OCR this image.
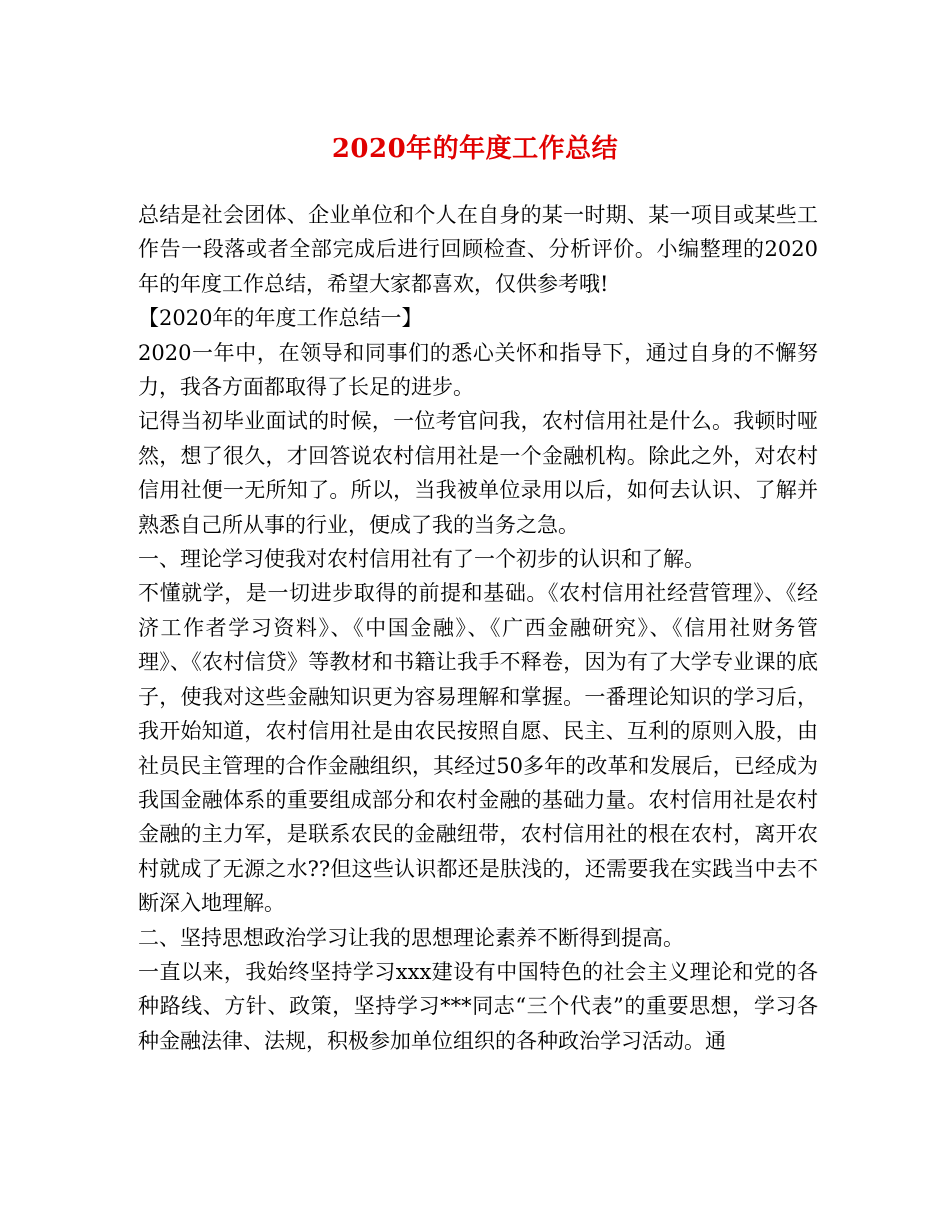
2020年的年度工作总结

总结是社会团体、企业单位和个人在自身的某一时期、某一项目或某些工作告一段落或者全部完成后进行回顾检查、分析评价。小编整理的2020年的年度工作总结，希望大家都喜欢，仅供参考哦!

【2020年的年度工作总结一】

2020一年中，在领导和同事们的悉心关怀和指导下，通过自身的不懈努力，我各方面都取得了长足的进步。

记得当初毕业面试的时候，一位考官问我，农村信用社是什么。我顿时哑然，想了很久，才回答说农村信用社是一个金融机构。除此之外，对农村信用社便一无所知了。所以，当我被单位录用以后，如何去认识、了解并熟悉自己所从事的行业，便成了我的当务之急。

一、理论学习使我对农村信用社有了一个初步的认识和了解。

不懂就学，是一切进步取得的前提和基础。《农村信用社经营管理》、《经济工作者学习资料》、《中国金融》、《广西金融研究》、《信用社财务管理》、《农村信贷》等教材和书籍让我手不释卷，因为有了大学专业课的底子，使我对这些金融知识更为容易理解和掌握。一番理论知识的学习后，我开始知道，农村信用社是由农民按照自愿、民主、互利的原则入股，由社员民主管理的合作金融组织，其经过50多年的改革和发展后，已经成为我国金融体系的重要组成部分和农村金融的基础力量。农村信用社是农村金融的主力军，是联系农民的金融纽带，农村信用社的根在农村，离开农村就成了无源之水??但这些认识都还是肤浅的，还需要我在实践当中去不断深入地理解。

二、坚持思想政治学习让我的思想理论素养不断得到提高。

一直以来，我始终坚持学习xxx建设有中国特色的社会主义理论和党的各种路线、方针、政策，坚持学习***同志“三个代表”的重要思想，学习各种金融法律、法规，积极参加单位组织的各种政治学习活动。通
